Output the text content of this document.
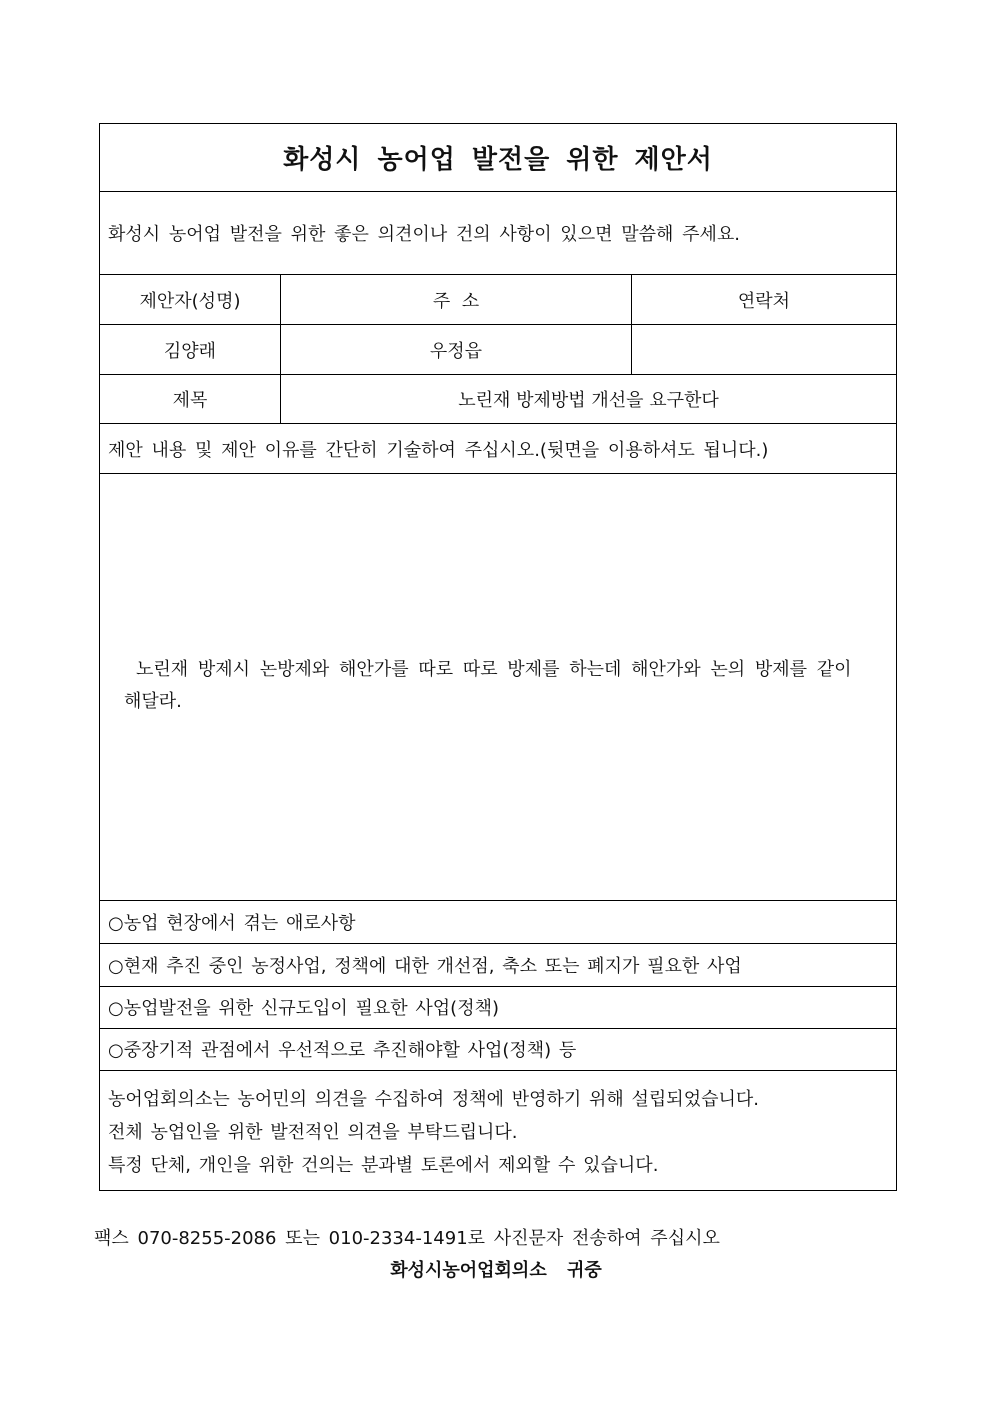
화성시 농어업 발전을 위한 제안서
화성시 농어업 발전을 위한 좋은 의견이나 건의 사항이 있으면 말씀해 주세요.
제안자(성명)	주  소	연락처
김양래	우정읍
제목	노린재 방제방법 개선을 요구한다
제안 내용 및 제안 이유를 간단히 기술하여 주십시오.(뒷면을 이용하셔도 됩니다.)
노린재 방제시 논방제와 해안가를 따로 따로 방제를 하는데 해안가와 논의 방제를 같이 해달라.
○농업 현장에서 겪는 애로사항
○현재 추진 중인 농정사업, 정책에 대한 개선점, 축소 또는 폐지가 필요한 사업
○농업발전을 위한 신규도입이 필요한 사업(정책)
○중장기적 관점에서 우선적으로 추진해야할 사업(정책) 등
농어업회의소는 농어민의 의견을 수집하여 정책에 반영하기 위해 설립되었습니다.
전체 농업인을 위한 발전적인 의견을 부탁드립니다.
특정 단체, 개인을 위한 건의는 분과별 토론에서 제외할 수 있습니다.
팩스 070-8255-2086 또는 010-2334-1491로 사진문자 전송하여 주십시오
화성시농어업회의소 귀중
